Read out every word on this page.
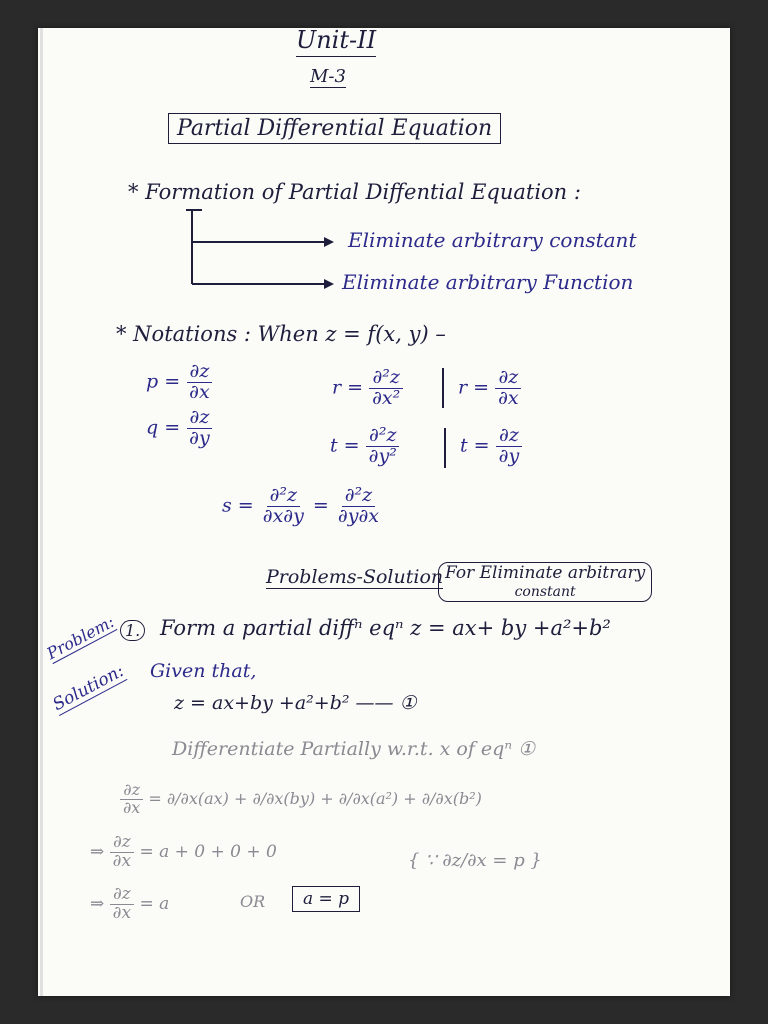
Unit-II
M-3
Partial Differential Equation
* Formation of Partial Diffential Equation :
Eliminate arbitrary constant
Eliminate arbitrary Function
* Notations : When z = f(x, y) –
$p = \frac{\partial z}{\partial x}$
$q = \frac{\partial z}{\partial y}$
$r = \frac{\text{∂²z}}{\text{∂x²}}$	$r = \frac{\partial z}{\partial x}$
$t = \frac{\text{∂²z}}{\text{∂y²}}$	$t = \frac{\partial z}{\partial y}$
$s = \frac{\text{∂²z}}{\partial x\partial y} = \frac{\text{∂²z}}{\partial y\partial x}$
Problems-Solution For Eliminate arbitrary
constant
Problem: 1. Form a partial diffⁿ eqⁿ z = ax+ by +a²+b²
Solution: Given that,
z = ax+by +a²+b² —— ①
Differentiate Partially w.r.t. x of eqⁿ ①
$\frac{\partial z}{\partial x} = \partial/\partial x(ax) + \partial/\partial x(by) + \partial/\partial x(a^2) + \partial/\partial x(b^2)$
⇒ $\frac{\partial z}{\partial x} = a + 0 + 0 + 0$	{ ∵ ∂z/∂x = p }
⇒ $\frac{\partial z}{\partial x} = a$	OR	a = p
